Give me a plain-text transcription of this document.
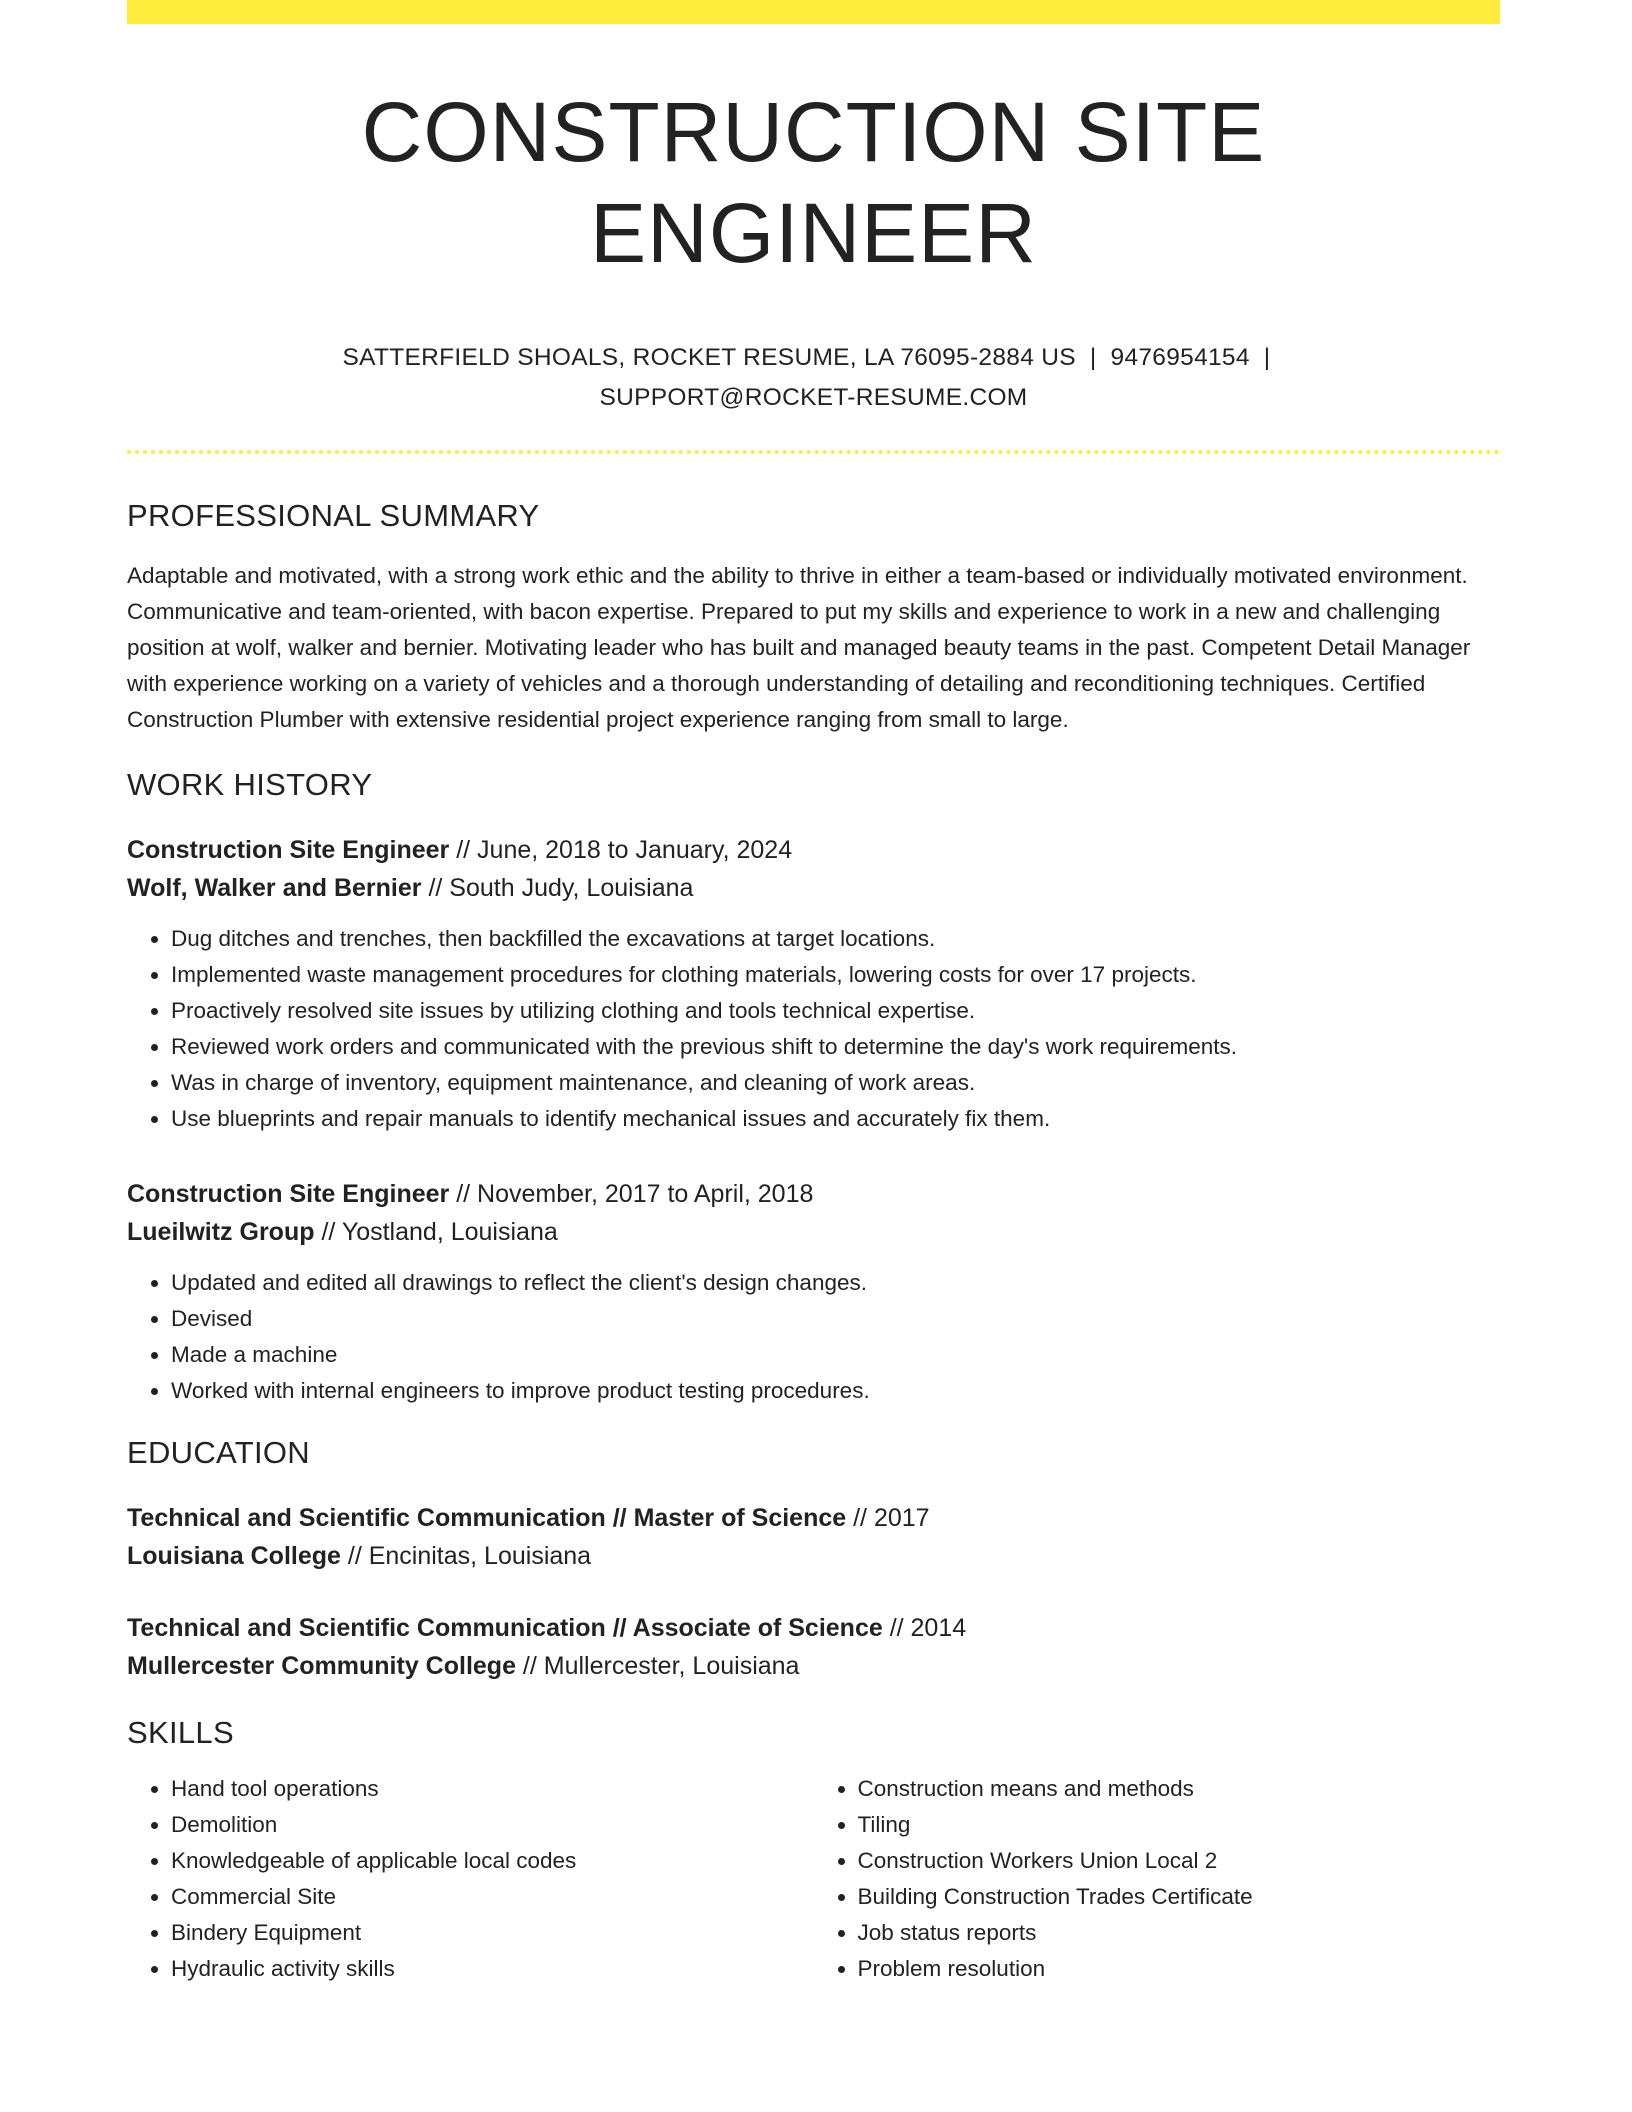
CONSTRUCTION SITE ENGINEER
SATTERFIELD SHOALS, ROCKET RESUME, LA 76095-2884 US | 9476954154 |
SUPPORT@ROCKET-RESUME.COM
PROFESSIONAL SUMMARY

Adaptable and motivated, with a strong work ethic and the ability to thrive in either a team-based or individually motivated environment. Communicative and team-oriented, with bacon expertise. Prepared to put my skills and experience to work in a new and challenging position at wolf, walker and bernier. Motivating leader who has built and managed beauty teams in the past. Competent Detail Manager with experience working on a variety of vehicles and a thorough understanding of detailing and reconditioning techniques. Certified Construction Plumber with extensive residential project experience ranging from small to large.

WORK HISTORY
Construction Site Engineer // June, 2018 to January, 2024
Wolf, Walker and Bernier // South Judy, Louisiana
• Dug ditches and trenches, then backfilled the excavations at target locations.
• Implemented waste management procedures for clothing materials, lowering costs for over 17 projects.
• Proactively resolved site issues by utilizing clothing and tools technical expertise.
• Reviewed work orders and communicated with the previous shift to determine the day's work requirements.
• Was in charge of inventory, equipment maintenance, and cleaning of work areas.
• Use blueprints and repair manuals to identify mechanical issues and accurately fix them.
Construction Site Engineer // November, 2017 to April, 2018
Lueilwitz Group // Yostland, Louisiana
• Updated and edited all drawings to reflect the client's design changes.
• Devised
• Made a machine
• Worked with internal engineers to improve product testing procedures.
EDUCATION
Technical and Scientific Communication // Master of Science // 2017
Louisiana College // Encinitas, Louisiana
Technical and Scientific Communication // Associate of Science // 2014
Mullercester Community College // Mullercester, Louisiana
SKILLS
• Hand tool operations
• Demolition
• Knowledgeable of applicable local codes
• Commercial Site
• Bindery Equipment
• Hydraulic activity skills
• Construction means and methods
• Tiling
• Construction Workers Union Local 2
• Building Construction Trades Certificate
• Job status reports
• Problem resolution
